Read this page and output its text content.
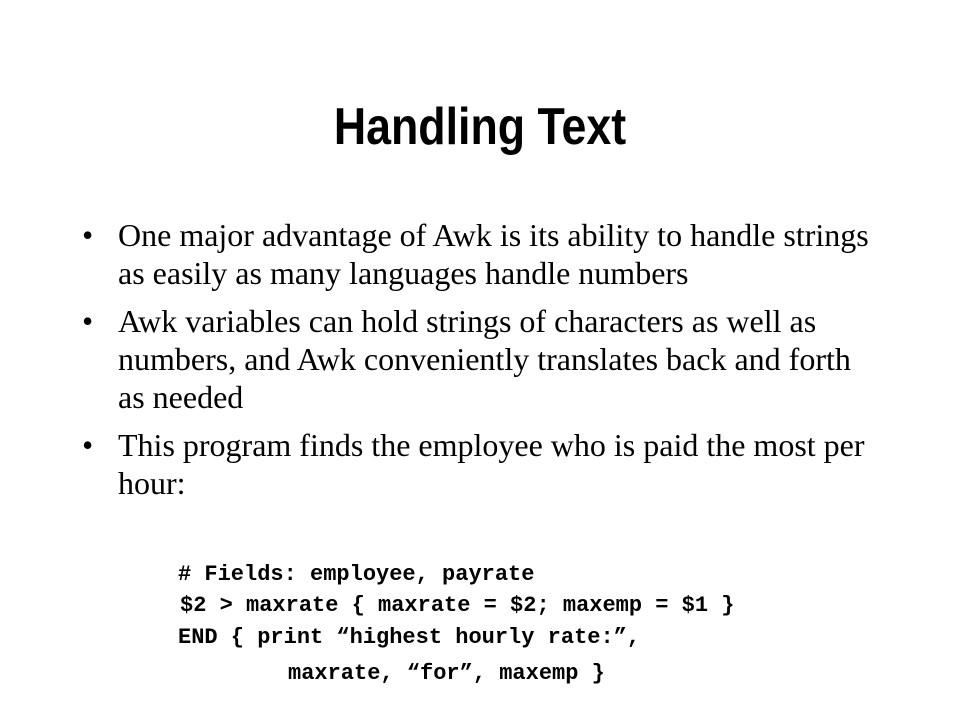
Handling Text
• One major advantage of Awk is its ability to handle strings as easily as many languages handle numbers
• Awk variables can hold strings of characters as well as numbers, and Awk conveniently translates back and forth as needed
• This program finds the employee who is paid the most per hour:
# Fields: employee, payrate
$2 > maxrate { maxrate = $2; maxemp = $1 }
END { print “highest hourly rate:”,
maxrate, “for”, maxemp }
